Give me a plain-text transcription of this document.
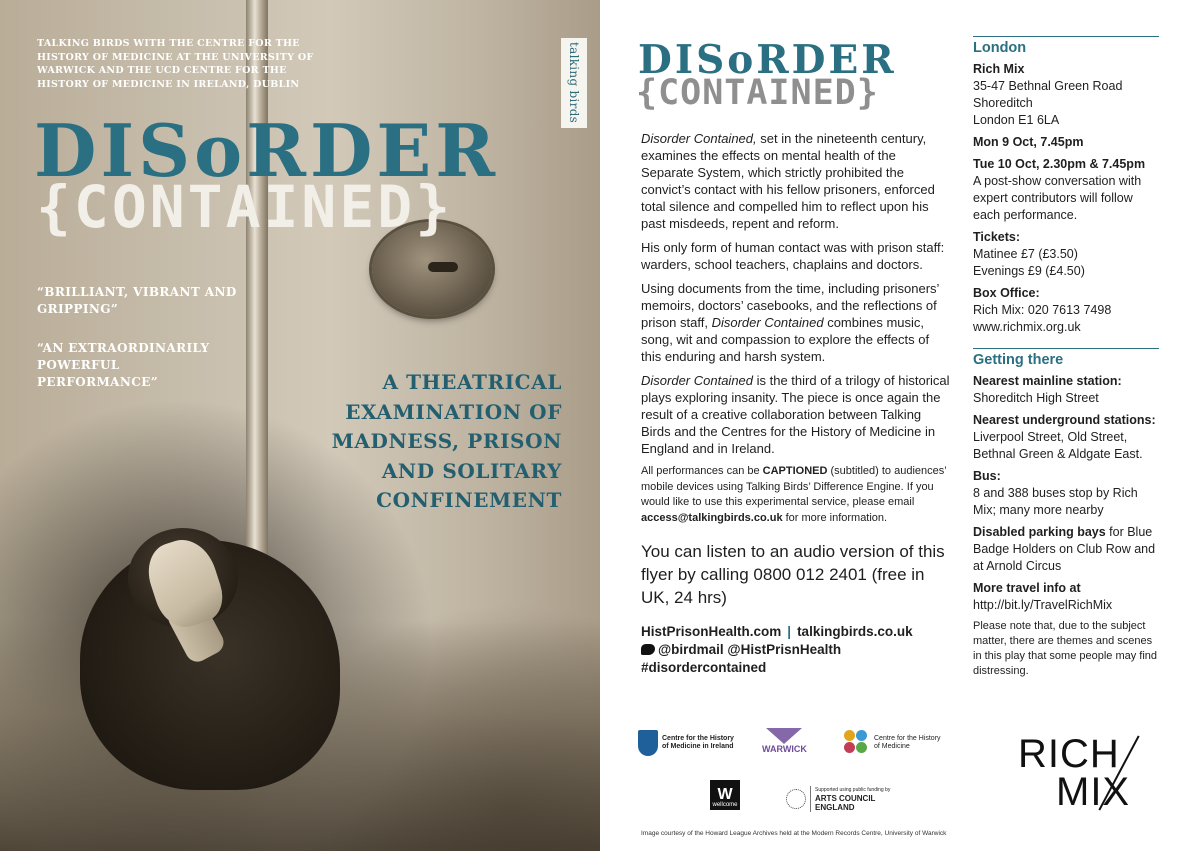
TALKING BIRDS WITH THE CENTRE FOR THE HISTORY OF MEDICINE AT THE UNIVERSITY OF WARWICK AND THE UCD CENTRE FOR THE HISTORY OF MEDICINE IN IRELAND, DUBLIN	talking birds
DISoRDER
{CONTAINED}

“BRILLIANT, VIBRANT AND GRIPPING”

“AN EXTRAORDINARILY POWERFUL PERFORMANCE”	A THEATRICAL EXAMINATION OF MADNESS, PRISON AND SOLITARY CONFINEMENT
DISoRDER
{CONTAINED}

Disorder Contained, set in the nineteenth century, examines the effects on mental health of the Separate System, which strictly prohibited the convict’s contact with his fellow prisoners, enforced total silence and compelled him to reflect upon his past misdeeds, repent and reform.

His only form of human contact was with prison staff: warders, school teachers, chaplains and doctors.

Using documents from the time, including prisoners’ memoirs, doctors’ casebooks, and the reflections of prison staff, Disorder Contained combines music, song, wit and compassion to explore the effects of this enduring and harsh system.

Disorder Contained is the third of a trilogy of historical plays exploring insanity. The piece is once again the result of a creative collaboration between Talking Birds and the Centres for the History of Medicine in England and in Ireland.

All performances can be CAPTIONED (subtitled) to audiences’ mobile devices using Talking Birds’ Difference Engine. If you would like to use this experimental service, please email access@talkingbirds.co.uk for more information.

You can listen to an audio version of this flyer by calling 0800 012 2401 (free in UK, 24 hrs)

HistPrisonHealth.com | talkingbirds.co.uk
@birdmail @HistPrisnHealth
#disordercontained
London
Rich Mix
35-47 Bethnal Green Road
Shoreditch
London E1 6LA
Mon 9 Oct, 7.45pm
Tue 10 Oct, 2.30pm & 7.45pm
A post-show conversation with expert contributors will follow each performance.
Tickets:
Matinee £7 (£3.50)
Evenings £9 (£4.50)
Box Office:
Rich Mix: 020 7613 7498
www.richmix.org.uk
Getting there
Nearest mainline station:
Shoreditch High Street
Nearest underground stations:
Liverpool Street, Old Street, Bethnal Green & Aldgate East.
Bus:
8 and 388 buses stop by Rich Mix; many more nearby
Disabled parking bays for Blue Badge Holders on Club Row and at Arnold Circus
More travel info at
http://bit.ly/TravelRichMix
Please note that, due to the subject matter, there are themes and scenes in this play that some people may find distressing.
Centre for the History of Medicine in Ireland	WARWICK
Centre for the History of Medicine
W
wellcome
Supported using public funding by
ARTS COUNCIL ENGLAND
RICH
MIX
Image courtesy of the Howard League Archives held at the Modern Records Centre, University of Warwick
